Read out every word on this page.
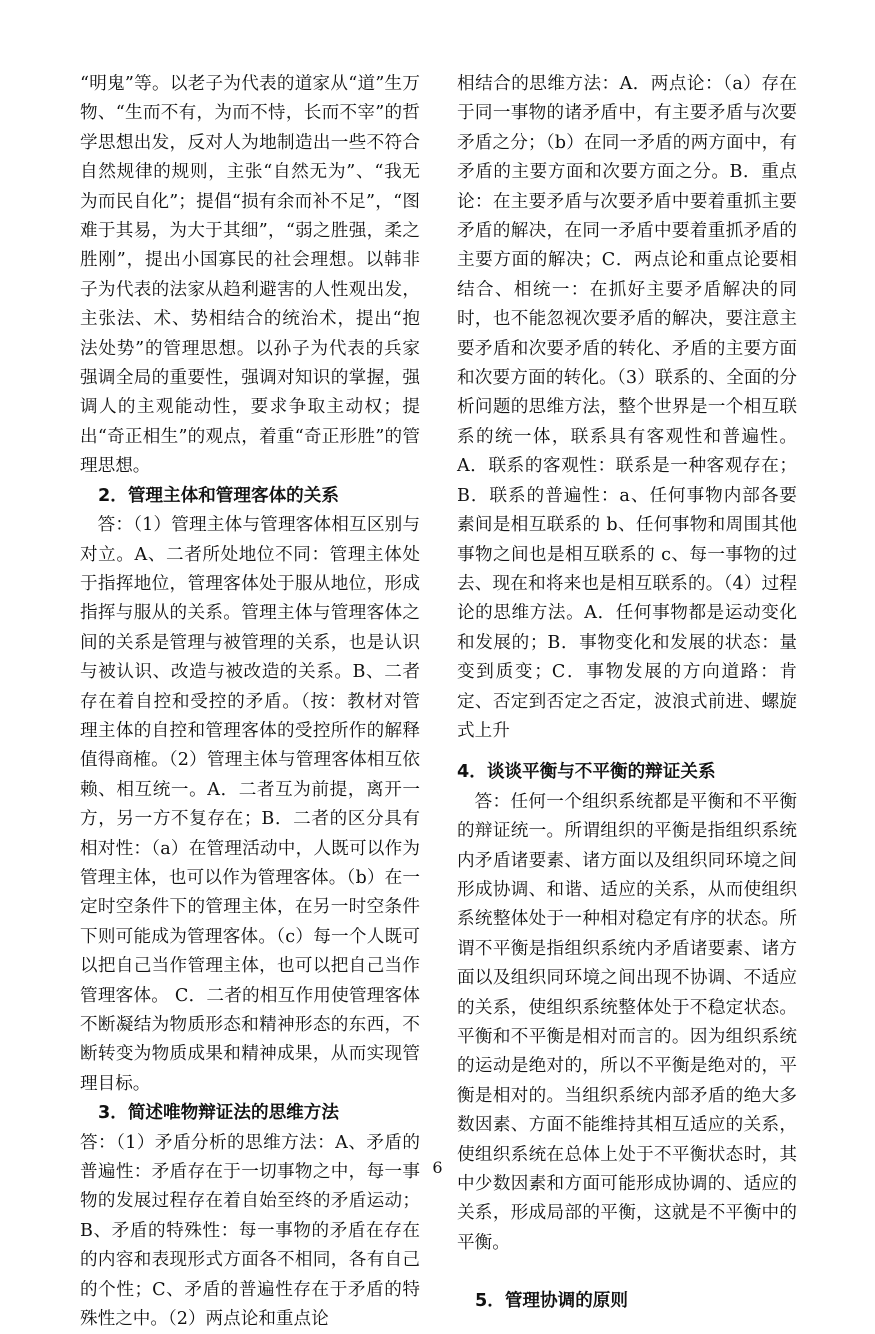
“明鬼”等。以老子为代表的道家从“道”生万物、“生而不有，为而不恃，长而不宰”的哲学思想出发，反对人为地制造出一些不符合自然规律的规则，主张“自然无为”、“我无为而民自化”；提倡“损有余而补不足”，“图难于其易，为大于其细”，“弱之胜强，柔之胜刚”，提出小国寡民的社会理想。以韩非子为代表的法家从趋利避害的人性观出发，主张法、术、势相结合的统治术，提出“抱法处势”的管理思想。以孙子为代表的兵家强调全局的重要性，强调对知识的掌握，强调人的主观能动性，要求争取主动权；提出“奇正相生”的观点，着重“奇正形胜”的管理思想。

2．管理主体和管理客体的关系

答：（1）管理主体与管理客体相互区别与对立。A、二者所处地位不同：管理主体处于指挥地位，管理客体处于服从地位，形成指挥与服从的关系。管理主体与管理客体之间的关系是管理与被管理的关系，也是认识与被认识、改造与被改造的关系。B、二者存在着自控和受控的矛盾。（按：教材对管理主体的自控和管理客体的受控所作的解释值得商榷。（2）管理主体与管理客体相互依赖、相互统一。A．二者互为前提，离开一方，另一方不复存在；B．二者的区分具有相对性：（a）在管理活动中，人既可以作为管理主体，也可以作为管理客体。（b）在一定时空条件下的管理主体，在另一时空条件下则可能成为管理客体。（c）每一个人既可以把自己当作管理主体，也可以把自己当作管理客体。 C．二者的相互作用使管理客体不断凝结为物质形态和精神形态的东西，不断转变为物质成果和精神成果，从而实现管理目标。

3．简述唯物辩证法的思维方法

答：（1）矛盾分析的思维方法：A、矛盾的普遍性：矛盾存在于一切事物之中，每一事物的发展过程存在着自始至终的矛盾运动；B、矛盾的特殊性：每一事物的矛盾在存在的内容和表现形式方面各不相同，各有自己的个性；C、矛盾的普遍性存在于矛盾的特殊性之中。（2）两点论和重点论

相结合的思维方法：A．两点论：（a）存在于同一事物的诸矛盾中，有主要矛盾与次要矛盾之分；（b）在同一矛盾的两方面中，有矛盾的主要方面和次要方面之分。B．重点论：在主要矛盾与次要矛盾中要着重抓主要矛盾的解决，在同一矛盾中要着重抓矛盾的主要方面的解决；C．两点论和重点论要相结合、相统一：在抓好主要矛盾解决的同时，也不能忽视次要矛盾的解决，要注意主要矛盾和次要矛盾的转化、矛盾的主要方面和次要方面的转化。（3）联系的、全面的分析问题的思维方法，整个世界是一个相互联系的统一体，联系具有客观性和普遍性。A．联系的客观性：联系是一种客观存在；B．联系的普遍性：a、任何事物内部各要素间是相互联系的 b、任何事物和周围其他事物之间也是相互联系的 c、每一事物的过去、现在和将来也是相互联系的。（4）过程论的思维方法。A．任何事物都是运动变化和发展的；B．事物变化和发展的状态：量变到质变；C．事物发展的方向道路：肯定、否定到否定之否定，波浪式前进、螺旋式上升

4．谈谈平衡与不平衡的辩证关系

答：任何一个组织系统都是平衡和不平衡的辩证统一。所谓组织的平衡是指组织系统内矛盾诸要素、诸方面以及组织同环境之间形成协调、和谐、适应的关系，从而使组织系统整体处于一种相对稳定有序的状态。所谓不平衡是指组织系统内矛盾诸要素、诸方面以及组织同环境之间出现不协调、不适应的关系，使组织系统整体处于不稳定状态。平衡和不平衡是相对而言的。因为组织系统的运动是绝对的，所以不平衡是绝对的，平衡是相对的。当组织系统内部矛盾的绝大多数因素、方面不能维持其相互适应的关系，使组织系统在总体上处于不平衡状态时，其中少数因素和方面可能形成协调的、适应的关系，形成局部的平衡，这就是不平衡中的平衡。

5．管理协调的原则

6
